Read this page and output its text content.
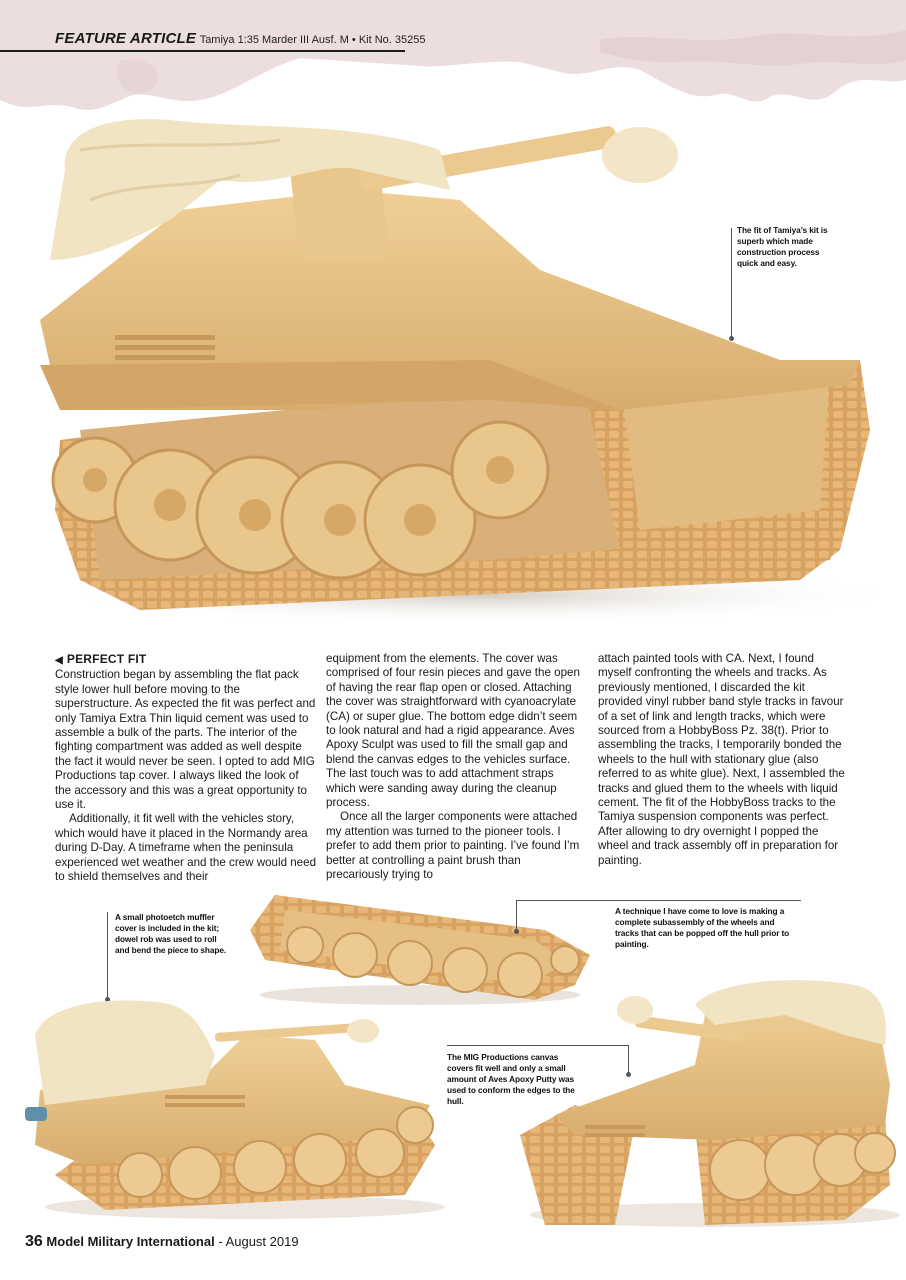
FEATURE ARTICLE Tamiya 1:35 Marder III Ausf. M • Kit No. 35255
The fit of Tamiya’s kit is superb which made construction process quick and easy.
◀ PERFECT FIT

Construction began by assembling the flat pack style lower hull before moving to the superstructure. As expected the fit was perfect and only Tamiya Extra Thin liquid cement was used to assemble a bulk of the parts. The interior of the fighting compartment was added as well despite the fact it would never be seen. I opted to add MIG Productions tap cover. I always liked the look of the accessory and this was a great opportunity to use it.

Additionally, it fit well with the vehicles story, which would have it placed in the Normandy area during D-Day. A timeframe when the peninsula experienced wet weather and the crew would need to shield themselves and their

equipment from the elements. The cover was comprised of four resin pieces and gave the open of having the rear flap open or closed. Attaching the cover was straightforward with cyanoacrylate (CA) or super glue. The bottom edge didn’t seem to look natural and had a rigid appearance. Aves Apoxy Sculpt was used to fill the small gap and blend the canvas edges to the vehicles surface. The last touch was to add attachment straps which were sanding away during the cleanup process.

Once all the larger components were attached my attention was turned to the pioneer tools. I prefer to add them prior to painting. I’ve found I’m better at controlling a paint brush than precariously trying to

attach painted tools with CA. Next, I found myself confronting the wheels and tracks. As previously mentioned, I discarded the kit provided vinyl rubber band style tracks in favour of a set of link and length tracks, which were sourced from a HobbyBoss Pz. 38(t). Prior to assembling the tracks, I temporarily bonded the wheels to the hull with stationary glue (also referred to as white glue). Next, I assembled the tracks and glued them to the wheels with liquid cement. The fit of the HobbyBoss tracks to the Tamiya suspension components was perfect. After allowing to dry overnight I popped the wheel and track assembly off in preparation for painting.

A technique I have come to love is making a complete subassembly of the wheels and tracks that can be popped off the hull prior to painting.
A small photoetch muffler cover is included in the kit; dowel rob was used to roll and bend the piece to shape.
The MIG Productions canvas covers fit well and only a small amount of Aves Apoxy Putty was used to conform the edges to the hull.
36 Model Military International - August 2019
